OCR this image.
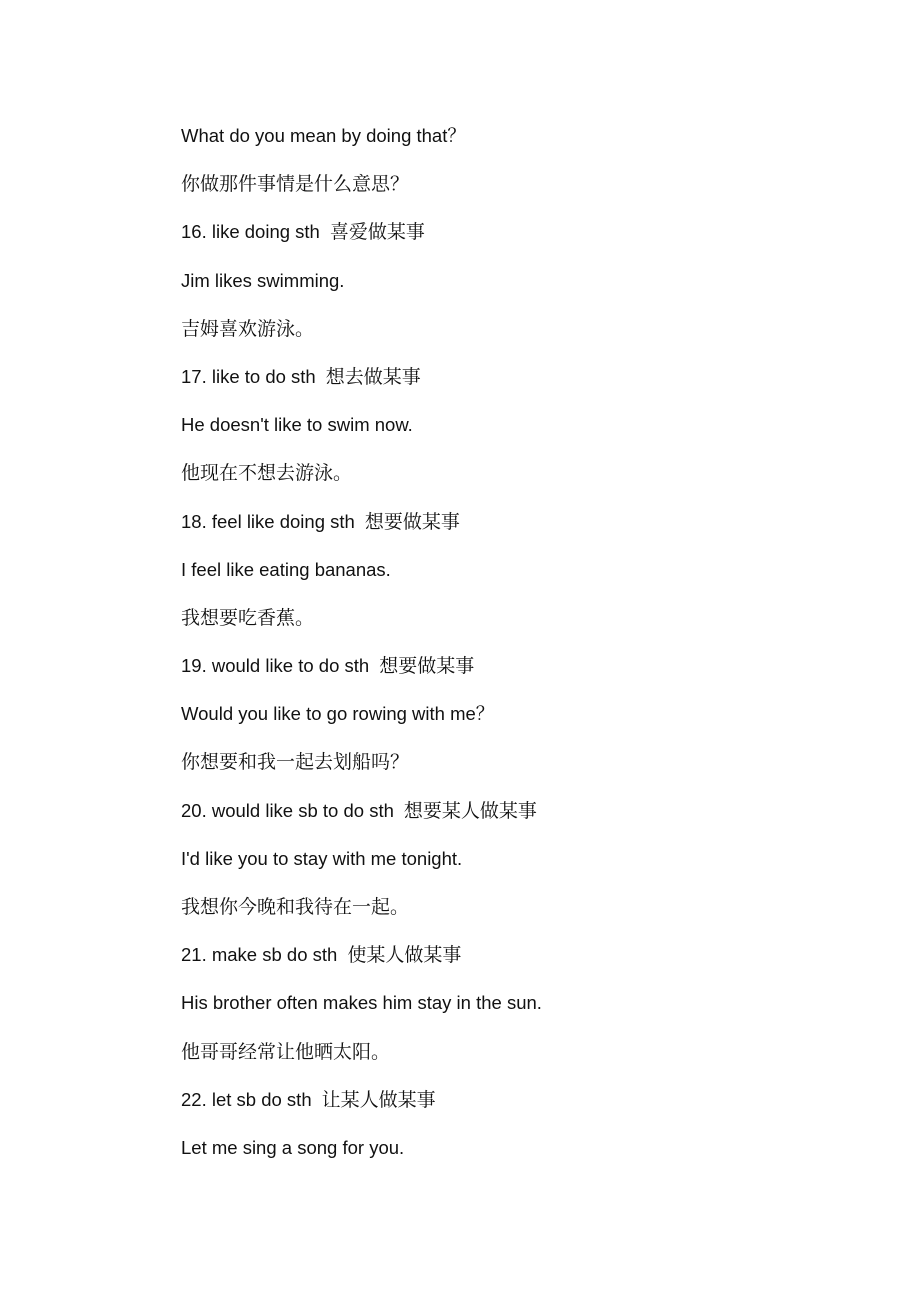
What do you mean by doing that？
你做那件事情是什么意思？
16. like doing sth 喜爱做某事
Jim likes swimming.
吉姆喜欢游泳。
17. like to do sth 想去做某事
He doesn't like to swim now.
他现在不想去游泳。
18. feel like doing sth 想要做某事
I feel like eating bananas.
我想要吃香蕉。
19. would like to do sth 想要做某事
Would you like to go rowing with me？
你想要和我一起去划船吗？
20. would like sb to do sth 想要某人做某事
I'd like you to stay with me tonight.
我想你今晚和我待在一起。
21. make sb do sth 使某人做某事
His brother often makes him stay in the sun.
他哥哥经常让他晒太阳。
22. let sb do sth 让某人做某事
Let me sing a song for you.
